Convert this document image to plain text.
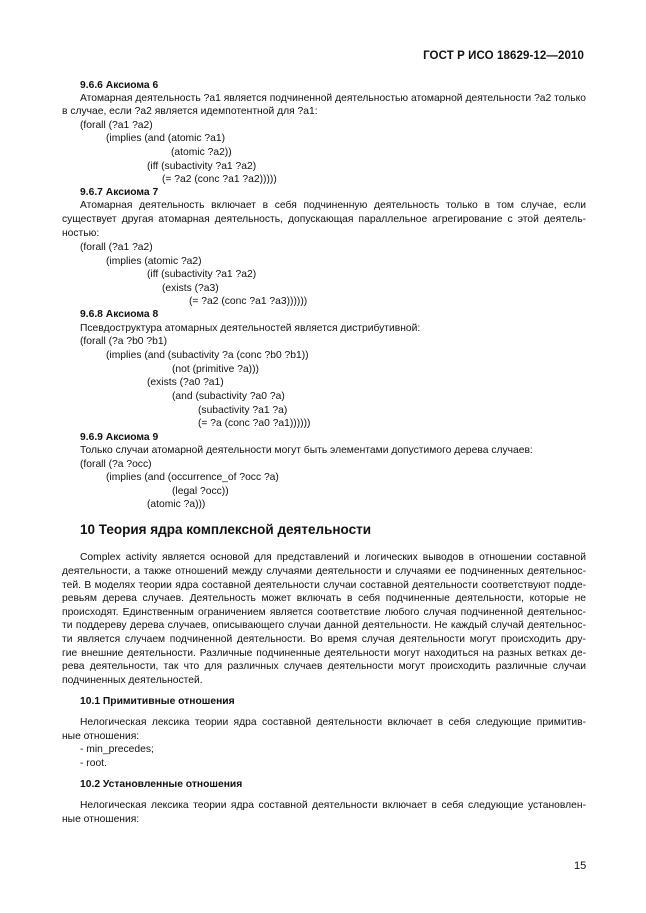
ГОСТ Р ИСО 18629-12—2010
9.6.6 Аксиома 6
Атомарная деятельность ?a1 является подчиненной деятельностью атомарной деятельности ?a2 только
в случае, если ?a2 является идемпотентной для ?a1:
(forall (?a1 ?a2)
(implies (and (atomic ?a1)
(atomic ?a2))
(iff (subactivity ?a1 ?a2)
(= ?a2 (conc ?a1 ?a2)))))
9.6.7 Аксиома 7
Атомарная деятельность включает в себя подчиненную деятельность только в том случае, если
существует другая атомарная деятельность, допускающая параллельное агрегирование с этой деятель-
ностью:
(forall (?a1 ?a2)
(implies (atomic ?a2)
(iff (subactivity ?a1 ?a2)
(exists (?a3)
(= ?a2 (conc ?a1 ?a3))))))
9.6.8 Аксиома 8
Псевдоструктура атомарных деятельностей является дистрибутивной:
(forall (?a ?b0 ?b1)
(implies (and (subactivity ?a (conc ?b0 ?b1))
(not (primitive ?a)))
(exists (?a0 ?a1)
(and (subactivity ?a0 ?a)
(subactivity ?a1 ?a)
(= ?a (conc ?a0 ?a1))))))
9.6.9 Аксиома 9
Только случаи атомарной деятельности могут быть элементами допустимого дерева случаев:
(forall (?a ?occ)
(implies (and (occurrence_of ?occ ?a)
(legal ?occ))
(atomic ?a)))
10 Теория ядра комплексной деятельности
Complex activity является основой для представлений и логических выводов в отношении составной
деятельности, а также отношений между случаями деятельности и случаями ее подчиненных деятельнос-
тей. В моделях теории ядра составной деятельности случаи составной деятельности соответствуют подде-
ревьям дерева случаев. Деятельность может включать в себя подчиненные деятельности, которые не
происходят. Единственным ограничением является соответствие любого случая подчиненной деятельнос-
ти поддереву дерева случаев, описывающего случаи данной деятельности. Не каждый случай деятельнос-
ти является случаем подчиненной деятельности. Во время случая деятельности могут происходить дру-
гие внешние деятельности. Различные подчиненные деятельности могут находиться на разных ветках де-
рева деятельности, так что для различных случаев деятельности могут происходить различные случаи
подчиненных деятельностей.
10.1 Примитивные отношения
Нелогическая лексика теории ядра составной деятельности включает в себя следующие примитив-
ные отношения:
- min_precedes;
- root.
10.2 Установленные отношения
Нелогическая лексика теории ядра составной деятельности включает в себя следующие установлен-
ные отношения:
15
